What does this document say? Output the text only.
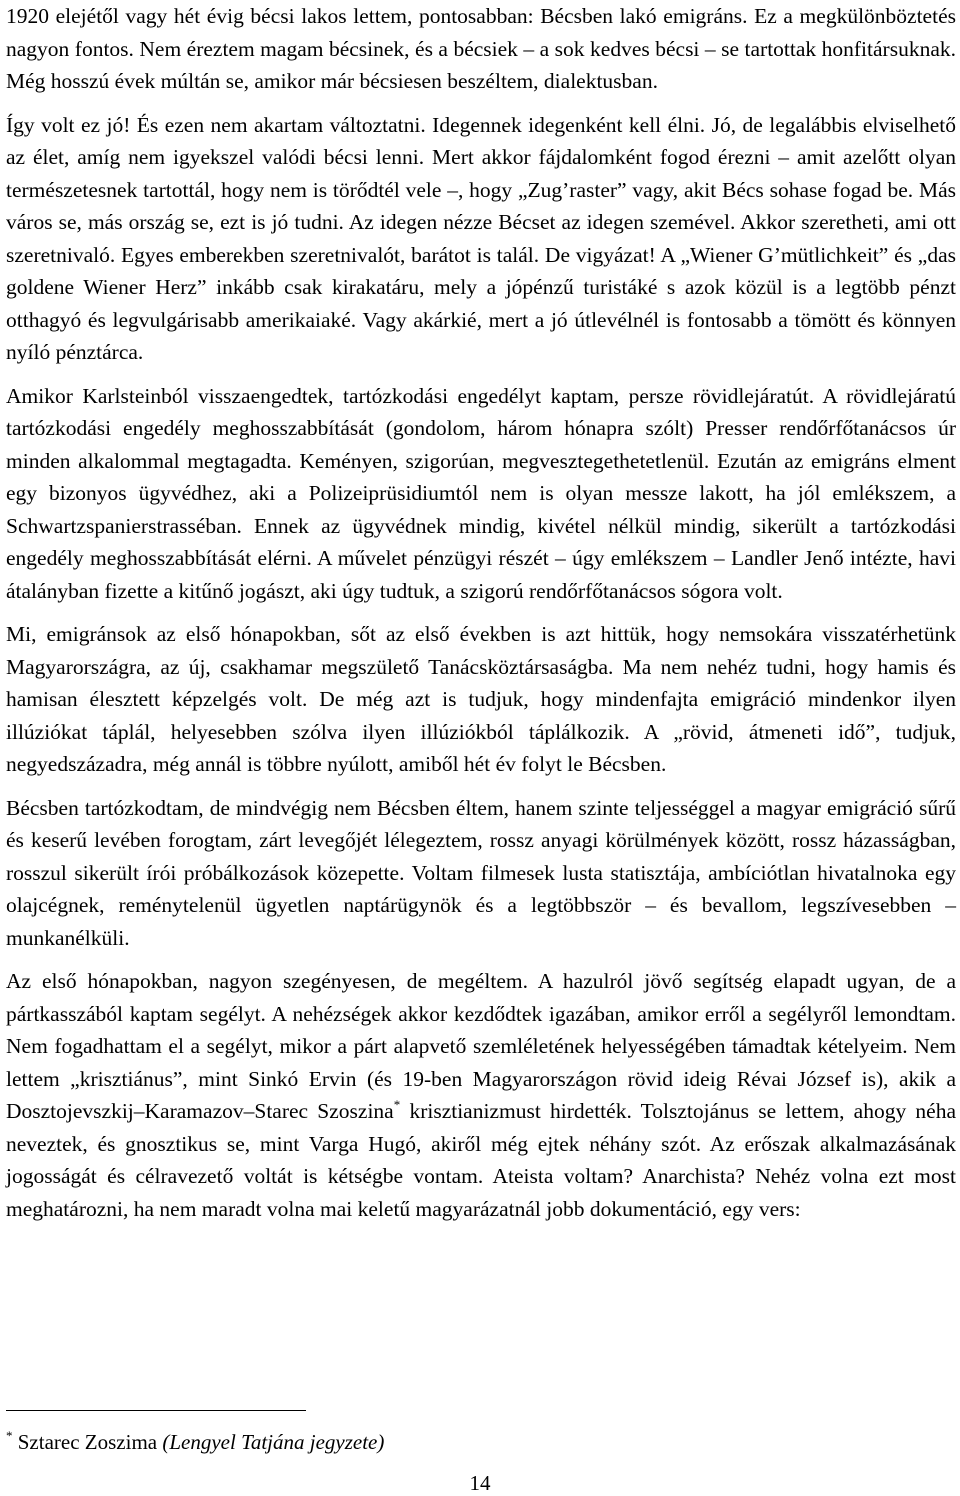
1920 elejétől vagy hét évig bécsi lakos lettem, pontosabban: Bécsben lakó emigráns. Ez a megkülönböztetés nagyon fontos. Nem éreztem magam bécsinek, és a bécsiek – a sok kedves bécsi – se tartottak honfitársuknak. Még hosszú évek múltán se, amikor már bécsiesen beszéltem, dialektusban.

Így volt ez jó! És ezen nem akartam változtatni. Idegennek idegenként kell élni. Jó, de legalábbis elviselhető az élet, amíg nem igyekszel valódi bécsi lenni. Mert akkor fájdalomként fogod érezni – amit azelőtt olyan természetesnek tartottál, hogy nem is törődtél vele –, hogy „Zug’raster” vagy, akit Bécs sohase fogad be. Más város se, más ország se, ezt is jó tudni. Az idegen nézze Bécset az idegen szemével. Akkor szeretheti, ami ott szeretnivaló. Egyes emberekben szeretnivalót, barátot is talál. De vigyázat! A „Wiener G’mütlichkeit” és „das goldene Wiener Herz” inkább csak kirakatáru, mely a jópénzű turistáké s azok közül is a legtöbb pénzt otthagyó és legvulgárisabb amerikaiaké. Vagy akárkié, mert a jó útlevélnél is fontosabb a tömött és könnyen nyíló pénztárca.

Amikor Karlsteinból visszaengedtek, tartózkodási engedélyt kaptam, persze rövidlejáratút. A rövidlejáratú tartózkodási engedély meghosszabbítását (gondolom, három hónapra szólt) Presser rendőrfőtanácsos úr minden alkalommal megtagadta. Keményen, szigorúan, megvesztegethetetlenül. Ezután az emigráns elment egy bizonyos ügyvédhez, aki a Polizeiprüsidiumtól nem is olyan messze lakott, ha jól emlékszem, a Schwartzspanierstrasséban. Ennek az ügyvédnek mindig, kivétel nélkül mindig, sikerült a tartózkodási engedély meghosszabbítását elérni. A művelet pénzügyi részét – úgy emlékszem – Landler Jenő intézte, havi átalányban fizette a kitűnő jogászt, aki úgy tudtuk, a szigorú rendőrfőtanácsos sógora volt.

Mi, emigránsok az első hónapokban, sőt az első években is azt hittük, hogy nemsokára visszatérhetünk Magyarországra, az új, csakhamar megszülető Tanácsköztársaságba. Ma nem nehéz tudni, hogy hamis és hamisan élesztett képzelgés volt. De még azt is tudjuk, hogy mindenfajta emigráció mindenkor ilyen illúziókat táplál, helyesebben szólva ilyen illúziókból táplálkozik. A „rövid, átmeneti idő”, tudjuk, negyedszázadra, még annál is többre nyúlott, amiből hét év folyt le Bécsben.

Bécsben tartózkodtam, de mindvégig nem Bécsben éltem, hanem szinte teljességgel a magyar emigráció sűrű és keserű levében forogtam, zárt levegőjét lélegeztem, rossz anyagi körülmények között, rossz házasságban, rosszul sikerült írói próbálkozások közepette. Voltam filmesek lusta statisztája, ambíciótlan hivatalnoka egy olajcégnek, reménytelenül ügyetlen naptárügynök és a legtöbbször – és bevallom, legszívesebben – munkanélküli.

Az első hónapokban, nagyon szegényesen, de megéltem. A hazulról jövő segítség elapadt ugyan, de a pártkasszából kaptam segélyt. A nehézségek akkor kezdődtek igazában, amikor erről a segélyről lemondtam. Nem fogadhattam el a segélyt, mikor a párt alapvető szemléletének helyességében támadtak kételyeim. Nem lettem „krisztiánus”, mint Sinkó Ervin (és 19-ben Magyarországon rövid ideig Révai József is), akik a Dosztojevszkij–Karamazov–Starec Szoszina* krisztianizmust hirdették. Tolsztojánus se lettem, ahogy néha neveztek, és gnosztikus se, mint Varga Hugó, akiről még ejtek néhány szót. Az erőszak alkalmazásának jogosságát és célravezető voltát is kétségbe vontam. Ateista voltam? Anarchista? Nehéz volna ezt most meghatározni, ha nem maradt volna mai keletű magyarázatnál jobb dokumentáció, egy vers:

* Sztarec Zoszima (Lengyel Tatjána jegyzete)
14
